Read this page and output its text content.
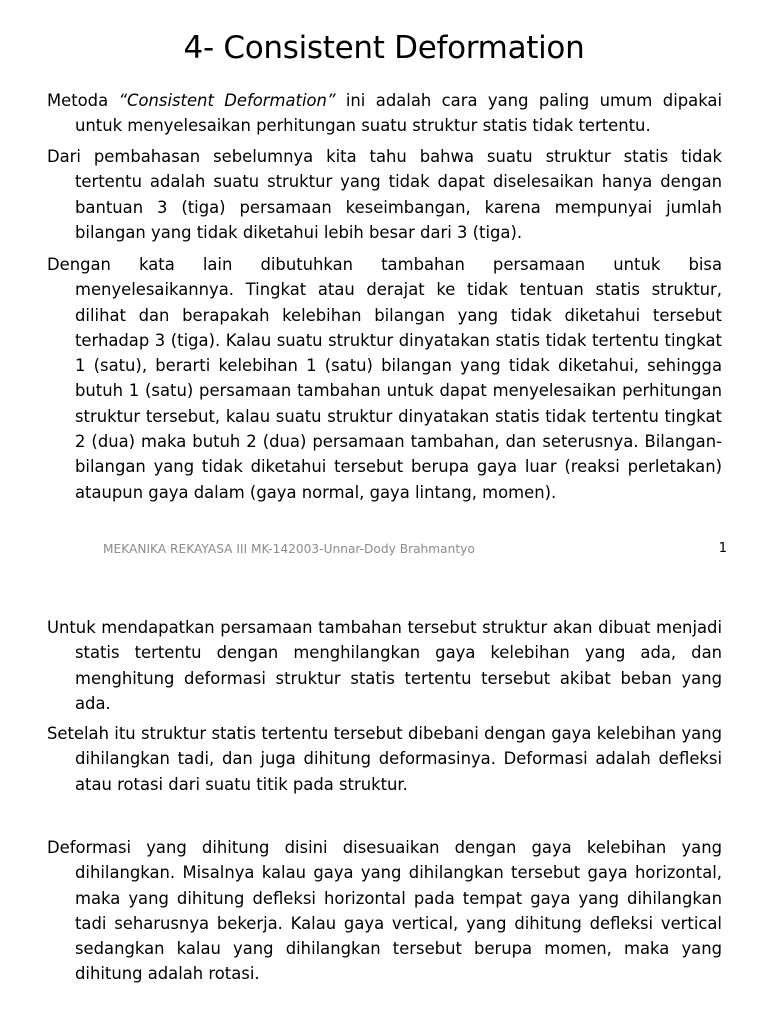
4- Consistent Deformation
Metoda “Consistent Deformation” ini adalah cara yang paling umum dipakai untuk menyelesaikan perhitungan suatu struktur statis tidak tertentu.
Dari pembahasan sebelumnya kita tahu bahwa suatu struktur statis tidak tertentu adalah suatu struktur yang tidak dapat diselesaikan hanya dengan bantuan 3 (tiga) persamaan keseimbangan, karena mempunyai jumlah bilangan yang tidak diketahui lebih besar dari 3 (tiga).
Dengan kata lain dibutuhkan tambahan persamaan untuk bisa menyelesaikannya. Tingkat atau derajat ke tidak tentuan statis struktur, dilihat dan berapakah kelebihan bilangan yang tidak diketahui tersebut terhadap 3 (tiga). Kalau suatu struktur dinyatakan statis tidak tertentu tingkat 1 (satu), berarti kelebihan 1 (satu) bilangan yang tidak diketahui, sehingga butuh 1 (satu) persamaan tambahan untuk dapat menyelesaikan perhitungan struktur tersebut, kalau suatu struktur dinyatakan statis tidak tertentu tingkat 2 (dua) maka butuh 2 (dua) persamaan tambahan, dan seterusnya. Bilangan-bilangan yang tidak diketahui tersebut berupa gaya luar (reaksi perletakan) ataupun gaya dalam (gaya normal, gaya lintang, momen).
MEKANIKA REKAYASA III MK-142003-Unnar-Dody Brahmantyo	1
Untuk mendapatkan persamaan tambahan tersebut struktur akan dibuat menjadi statis tertentu dengan menghilangkan gaya kelebihan yang ada, dan menghitung deformasi struktur statis tertentu tersebut akibat beban yang ada.
Setelah itu struktur statis tertentu tersebut dibebani dengan gaya kelebihan yang dihilangkan tadi, dan juga dihitung deformasinya. Deformasi adalah defleksi atau rotasi dari suatu titik pada struktur.
Deformasi yang dihitung disini disesuaikan dengan gaya kelebihan yang dihilangkan. Misalnya kalau gaya yang dihilangkan tersebut gaya horizontal, maka yang dihitung defleksi horizontal pada tempat gaya yang dihilangkan tadi seharusnya bekerja. Kalau gaya vertical, yang dihitung defleksi vertical sedangkan kalau yang dihilangkan tersebut berupa momen, maka yang dihitung adalah rotasi.
